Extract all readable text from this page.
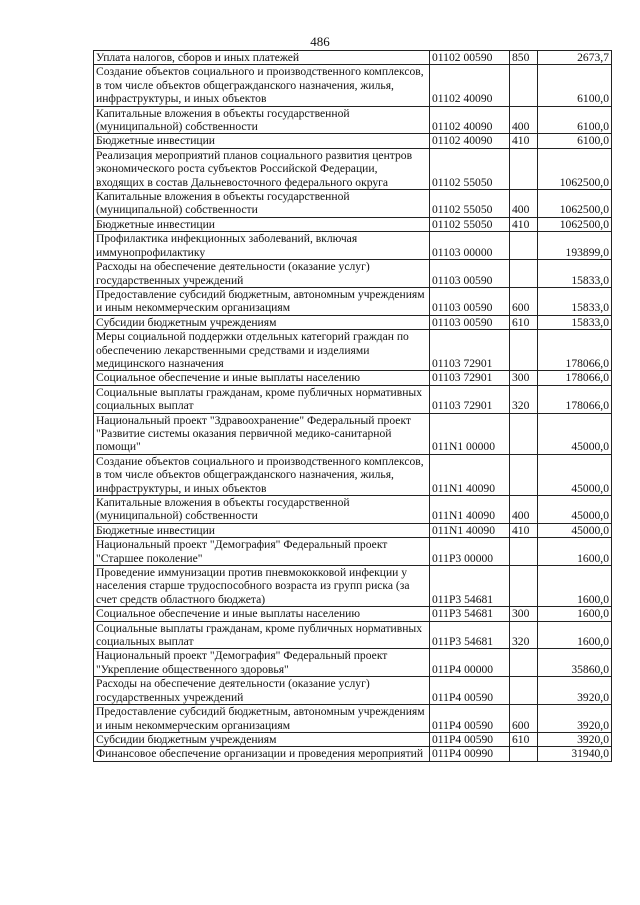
486
Уплата налогов, сборов и иных платежей	01102 00590	850	2673,7
Создание объектов социального и производственного комплексов, в том числе объектов общегражданского назначения, жилья, инфраструктуры, и иных объектов	01102 40090		6100,0
Капитальные вложения в объекты государственной (муниципальной) собственности	01102 40090	400	6100,0
Бюджетные инвестиции	01102 40090	410	6100,0
Реализация мероприятий планов социального развития центров экономического роста субъектов Российской Федерации, входящих в состав Дальневосточного федерального округа	01102 55050		1062500,0
Капитальные вложения в объекты государственной (муниципальной) собственности	01102 55050	400	1062500,0
Бюджетные инвестиции	01102 55050	410	1062500,0
Профилактика инфекционных заболеваний, включая иммунопрофилактику	01103 00000		193899,0
Расходы на обеспечение деятельности (оказание услуг) государственных учреждений	01103 00590		15833,0
Предоставление субсидий бюджетным, автономным учреждениям и иным некоммерческим организациям	01103 00590	600	15833,0
Субсидии бюджетным учреждениям	01103 00590	610	15833,0
Меры социальной поддержки отдельных категорий граждан по обеспечению лекарственными средствами и изделиями медицинского назначения	01103 72901		178066,0
Социальное обеспечение и иные выплаты населению	01103 72901	300	178066,0
Социальные выплаты гражданам, кроме публичных нормативных социальных выплат	01103 72901	320	178066,0
Национальный проект "Здравоохранение" Федеральный проект "Развитие системы оказания первичной медико-санитарной помощи"	011N1 00000		45000,0
Создание объектов социального и производственного комплексов, в том числе объектов общегражданского назначения, жилья, инфраструктуры, и иных объектов	011N1 40090		45000,0
Капитальные вложения в объекты государственной (муниципальной) собственности	011N1 40090	400	45000,0
Бюджетные инвестиции	011N1 40090	410	45000,0
Национальный проект "Демография" Федеральный проект "Старшее поколение"	011P3 00000		1600,0
Проведение иммунизации против пневмококковой инфекции у населения старше трудоспособного возраста из групп риска (за счет средств областного бюджета)	011P3 54681		1600,0
Социальное обеспечение и иные выплаты населению	011P3 54681	300	1600,0
Социальные выплаты гражданам, кроме публичных нормативных социальных выплат	011P3 54681	320	1600,0
Национальный проект "Демография" Федеральный проект "Укрепление общественного здоровья"	011P4 00000		35860,0
Расходы на обеспечение деятельности (оказание услуг) государственных учреждений	011P4 00590		3920,0
Предоставление субсидий бюджетным, автономным учреждениям и иным некоммерческим организациям	011P4 00590	600	3920,0
Субсидии бюджетным учреждениям	011P4 00590	610	3920,0
Финансовое обеспечение организации и проведения мероприятий	011P4 00990		31940,0
